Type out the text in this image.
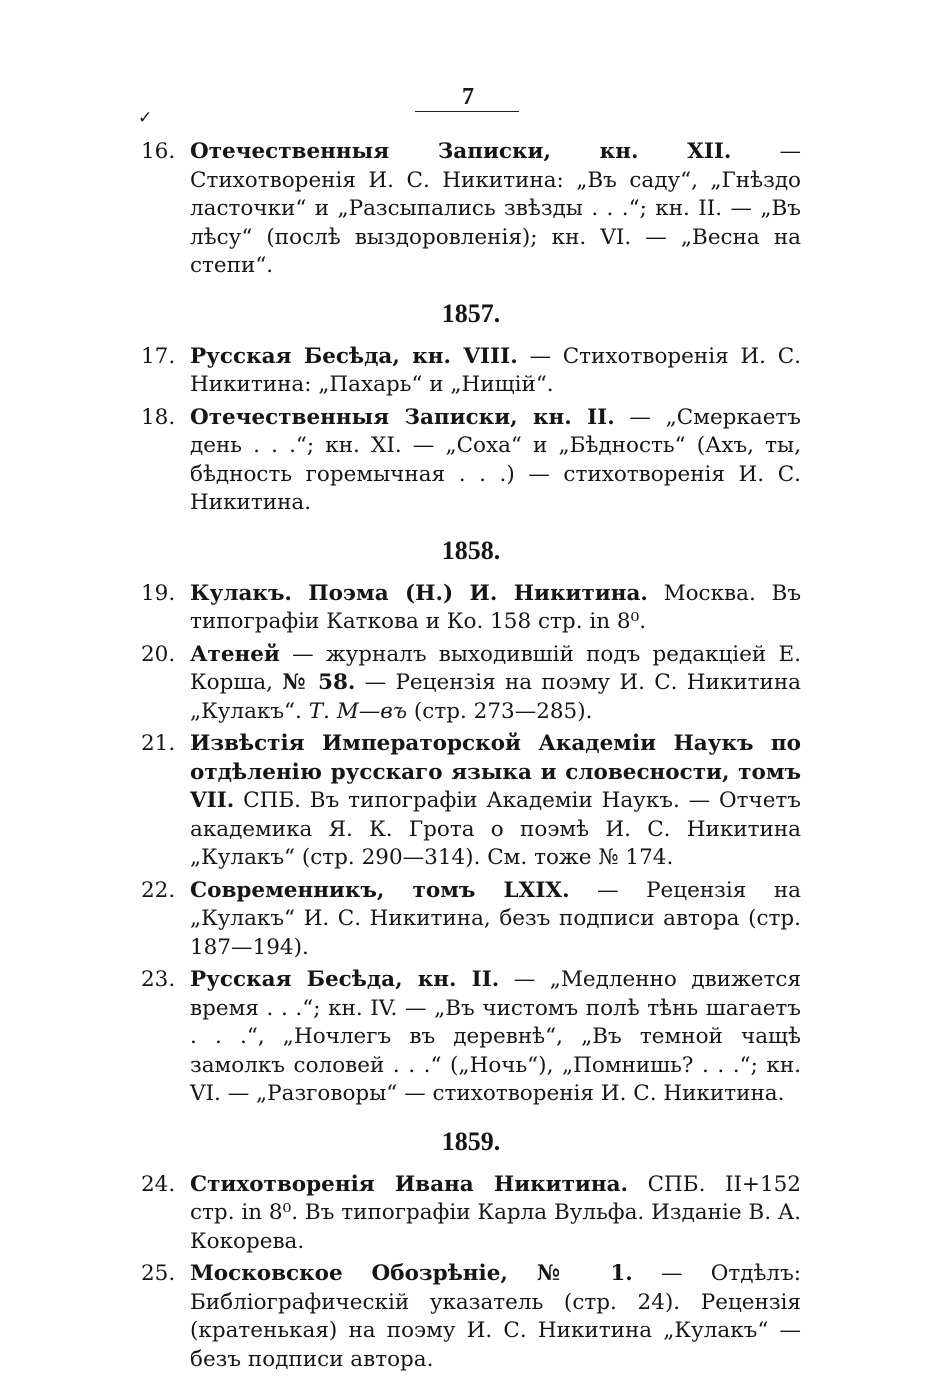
✓
7
16. Отечественныя Записки, кн. XII. — Стихотворенія И. С. Никитина: „Въ саду“, „Гнѣздо ласточки“ и „Разсыпались звѣзды . . .“; кн. II. — „Въ лѣсу“ (послѣ выздоровленія); кн. VI. — „Весна на степи“.
1857.
17. Русская Бесѣда, кн. VIII. — Стихотворенія И. С. Никитина: „Пахарь“ и „Нищій“.
18. Отечественныя Записки, кн. II. — „Смеркаетъ день . . .“; кн. XI. — „Соха“ и „Бѣдность“ (Ахъ, ты, бѣдность горемычная . . .) — стихотворенія И. С. Никитина.
1858.
19. Кулакъ. Поэма (Н.) И. Никитина. Москва. Въ типографіи Каткова и Ко. 158 стр. in 8⁰.
20. Атеней — журналъ выходившій подъ редакціей Е. Корша, № 58. — Рецензія на поэму И. С. Никитина „Кулакъ“. Т. М—въ (стр. 273—285).
21. Извѣстія Императорской Академіи Наукъ по отдѣленію русскаго языка и словесности, томъ VII. СПБ. Въ типографіи Академіи Наукъ. — Отчетъ академика Я. К. Грота о поэмѣ И. С. Никитина „Кулакъ“ (стр. 290—314). См. тоже № 174.
22. Современникъ, томъ LXIX. — Рецензія на „Кулакъ“ И. С. Никитина, безъ подписи автора (стр. 187—194).
23. Русская Бесѣда, кн. II. — „Медленно движется время . . .“; кн. IV. — „Въ чистомъ полѣ тѣнь шагаетъ . . .“, „Ночлегъ въ деревнѣ“, „Въ темной чащѣ замолкъ соловей . . .“ („Ночь“), „Помнишь? . . .“; кн. VI. — „Разговоры“ — стихотворенія И. С. Никитина.
1859.
24. Стихотворенія Ивана Никитина. СПБ. II+152 стр. in 8⁰. Въ типографіи Карла Вульфа. Изданіе В. А. Кокорева.
25. Московское Обозрѣніе, № 1. — Отдѣлъ: Библіографическій указатель (стр. 24). Рецензія (кратенькая) на поэму И. С. Никитина „Кулакъ“ — безъ подписи автора.
